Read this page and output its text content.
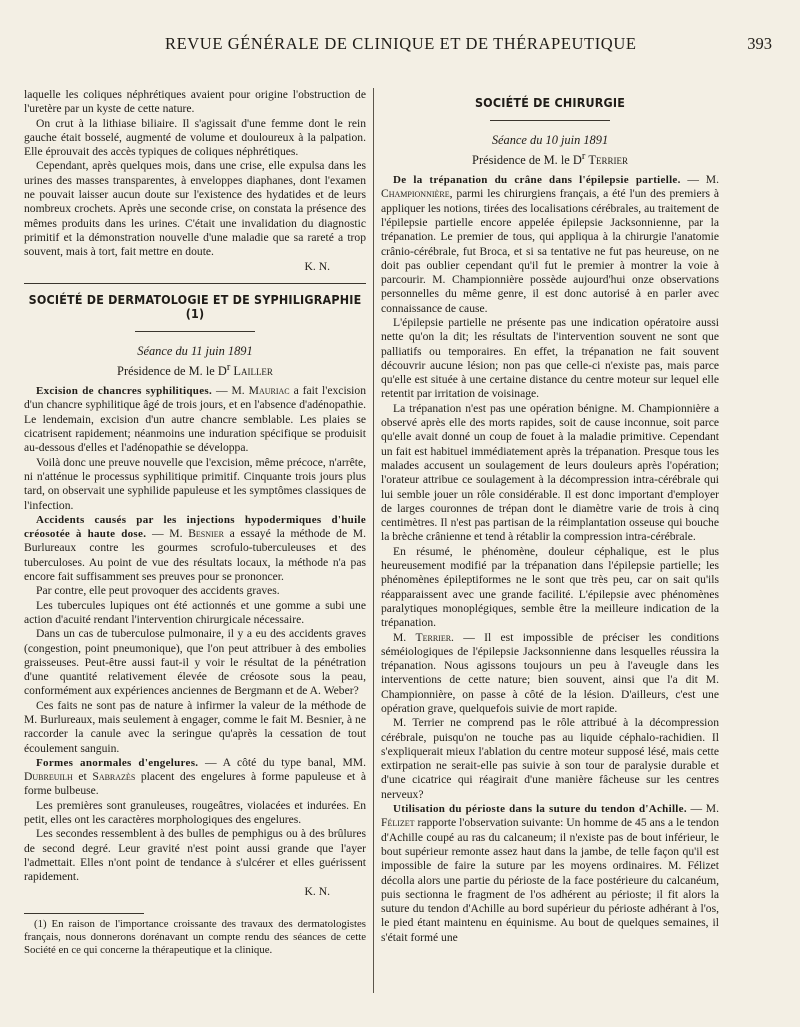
REVUE GÉNÉRALE DE CLINIQUE ET DE THÉRAPEUTIQUE	393

laquelle les coliques néphrétiques avaient pour origine l'obstruction de l'uretère par un kyste de cette nature.

On crut à la lithiase biliaire. Il s'agissait d'une femme dont le rein gauche était bosselé, augmenté de volume et douloureux à la palpation. Elle éprouvait des accès typiques de coliques néphrétiques.

Cependant, après quelques mois, dans une crise, elle expulsa dans les urines des masses transparentes, à enveloppes diaphanes, dont l'examen ne pouvait laisser aucun doute sur l'existence des hydatides et de leurs nombreux crochets. Après une seconde crise, on constata la présence des mêmes produits dans les urines. C'était une invalidation du diagnostic primitif et la démonstration nouvelle d'une maladie que sa rareté a trop souvent, mais à tort, fait mettre en doute.

K. N.
SOCIÉTÉ DE DERMATOLOGIE ET DE SYPHILIGRAPHIE (1)
Séance du 11 juin 1891
Présidence de M. le $D^r$ Lailler

Excision de chancres syphilitiques. — M. Mauriac a fait l'excision d'un chancre syphilitique âgé de trois jours, et en l'absence d'adénopathie. Le lendemain, excision d'un autre chancre semblable. Les plaies se cicatrisent rapidement; néanmoins une induration spécifique se produisit au-dessous d'elles et l'adénopathie se développa.

Voilà donc une preuve nouvelle que l'excision, même précoce, n'arrête, ni n'atténue le processus syphilitique primitif. Cinquante trois jours plus tard, on observait une syphilide papuleuse et les symptômes classiques de l'infection.

Accidents causés par les injections hypodermiques d'huile créosotée à haute dose. — M. Besnier a essayé la méthode de M. Burlureaux contre les gourmes scrofulo-tuberculeuses et des tuberculoses. Au point de vue des résultats locaux, la méthode n'a pas encore fait suffisamment ses preuves pour se prononcer.

Par contre, elle peut provoquer des accidents graves.

Les tubercules lupiques ont été actionnés et une gomme a subi une action d'acuité rendant l'intervention chirurgicale nécessaire.

Dans un cas de tuberculose pulmonaire, il y a eu des accidents graves (congestion, point pneumonique), que l'on peut attribuer à des embolies graisseuses. Peut-être aussi faut-il y voir le résultat de la pénétration d'une quantité relativement élevée de créosote sous la peau, conformément aux expériences anciennes de Bergmann et de A. Weber?

Ces faits ne sont pas de nature à infirmer la valeur de la méthode de M. Burlureaux, mais seulement à engager, comme le fait M. Besnier, à ne raccorder la canule avec la seringue qu'après la cessation de tout écoulement sanguin.

Formes anormales d'engelures. — A côté du type banal, MM. Dubreuilh et Sabrazès placent des engelures à forme papuleuse et à forme bulbeuse.

Les premières sont granuleuses, rougeâtres, violacées et indurées. En petit, elles ont les caractères morphologiques des engelures.

Les secondes ressemblent à des bulles de pemphigus ou à des brûlures de second degré. Leur gravité n'est point aussi grande que l'ayer l'admettait. Elles n'ont point de tendance à s'ulcérer et elles guérissent rapidement.

K. N.

(1) En raison de l'importance croissante des travaux des dermatologistes français, nous donnerons dorénavant un compte rendu des séances de cette Société en ce qui concerne la thérapeutique et la clinique.

SOCIÉTÉ DE CHIRURGIE
Séance du 10 juin 1891
Présidence de M. le $D^r$ Terrier

De la trépanation du crâne dans l'épilepsie partielle. — M. Championnière, parmi les chirurgiens français, a été l'un des premiers à appliquer les notions, tirées des localisations cérébrales, au traitement de l'épilepsie partielle encore appelée épilepsie Jacksonnienne, par la trépanation. Le premier de tous, qui appliqua à la chirurgie l'anatomie crânio-cérébrale, fut Broca, et si sa tentative ne fut pas heureuse, on ne doit pas oublier cependant qu'il fut le premier à montrer la voie à parcourir. M. Championnière possède aujourd'hui onze observations personnelles du même genre, il est donc autorisé à en parler avec connaissance de cause.

L'épilepsie partielle ne présente pas une indication opératoire aussi nette qu'on la dit; les résultats de l'intervention souvent ne sont que palliatifs ou temporaires. En effet, la trépanation ne fait souvent découvrir aucune lésion; non pas que celle-ci n'existe pas, mais parce qu'elle est située à une certaine distance du centre moteur sur lequel elle retentit par irritation de voisinage.

La trépanation n'est pas une opération bénigne. M. Championnière a observé après elle des morts rapides, soit de cause inconnue, soit parce qu'elle avait donné un coup de fouet à la maladie primitive. Cependant un fait est habituel immédiatement après la trépanation. Presque tous les malades accusent un soulagement de leurs douleurs après l'opération; l'orateur attribue ce soulagement à la décompression intra-cérébrale qui lui semble jouer un rôle considérable. Il est donc important d'employer de larges couronnes de trépan dont le diamètre varie de trois à cinq centimètres. Il n'est pas partisan de la réimplantation osseuse qui bouche la brèche crânienne et tend à rétablir la compression intra-cérébrale.

En résumé, le phénomène, douleur céphalique, est le plus heureusement modifié par la trépanation dans l'épilepsie partielle; les phénomènes épileptiformes ne le sont que très peu, car on sait qu'ils réapparaissent avec une grande facilité. L'épilepsie avec phénomènes paralytiques monoplégiques, semble être la meilleure indication de la trépanation.

M. Terrier. — Il est impossible de préciser les conditions séméiologiques de l'épilepsie Jacksonnienne dans lesquelles réussira la trépanation. Nous agissons toujours un peu à l'aveugle dans les interventions de cette nature; bien souvent, ainsi que l'a dit M. Championnière, on passe à côté de la lésion. D'ailleurs, c'est une opération grave, quelquefois suivie de mort rapide.

M. Terrier ne comprend pas le rôle attribué à la décompression cérébrale, puisqu'on ne touche pas au liquide céphalo-rachidien. Il s'expliquerait mieux l'ablation du centre moteur supposé lésé, mais cette extirpation ne serait-elle pas suivie à son tour de paralysie durable et d'une cicatrice qui réagirait d'une manière fâcheuse sur les centres nerveux?

Utilisation du périoste dans la suture du tendon d'Achille. — M. Félizet rapporte l'observation suivante: Un homme de 45 ans a le tendon d'Achille coupé au ras du calcaneum; il n'existe pas de bout inférieur, le bout supérieur remonte assez haut dans la jambe, de telle façon qu'il est impossible de faire la suture par les moyens ordinaires. M. Félizet décolla alors une partie du périoste de la face postérieure du calcanéum, puis sectionna le fragment de l'os adhérent au périoste; il fit alors la suture du tendon d'Achille au bord supérieur du périoste adhérant à l'os, le pied étant maintenu en équinisme. Au bout de quelques semaines, il s'était formé une
